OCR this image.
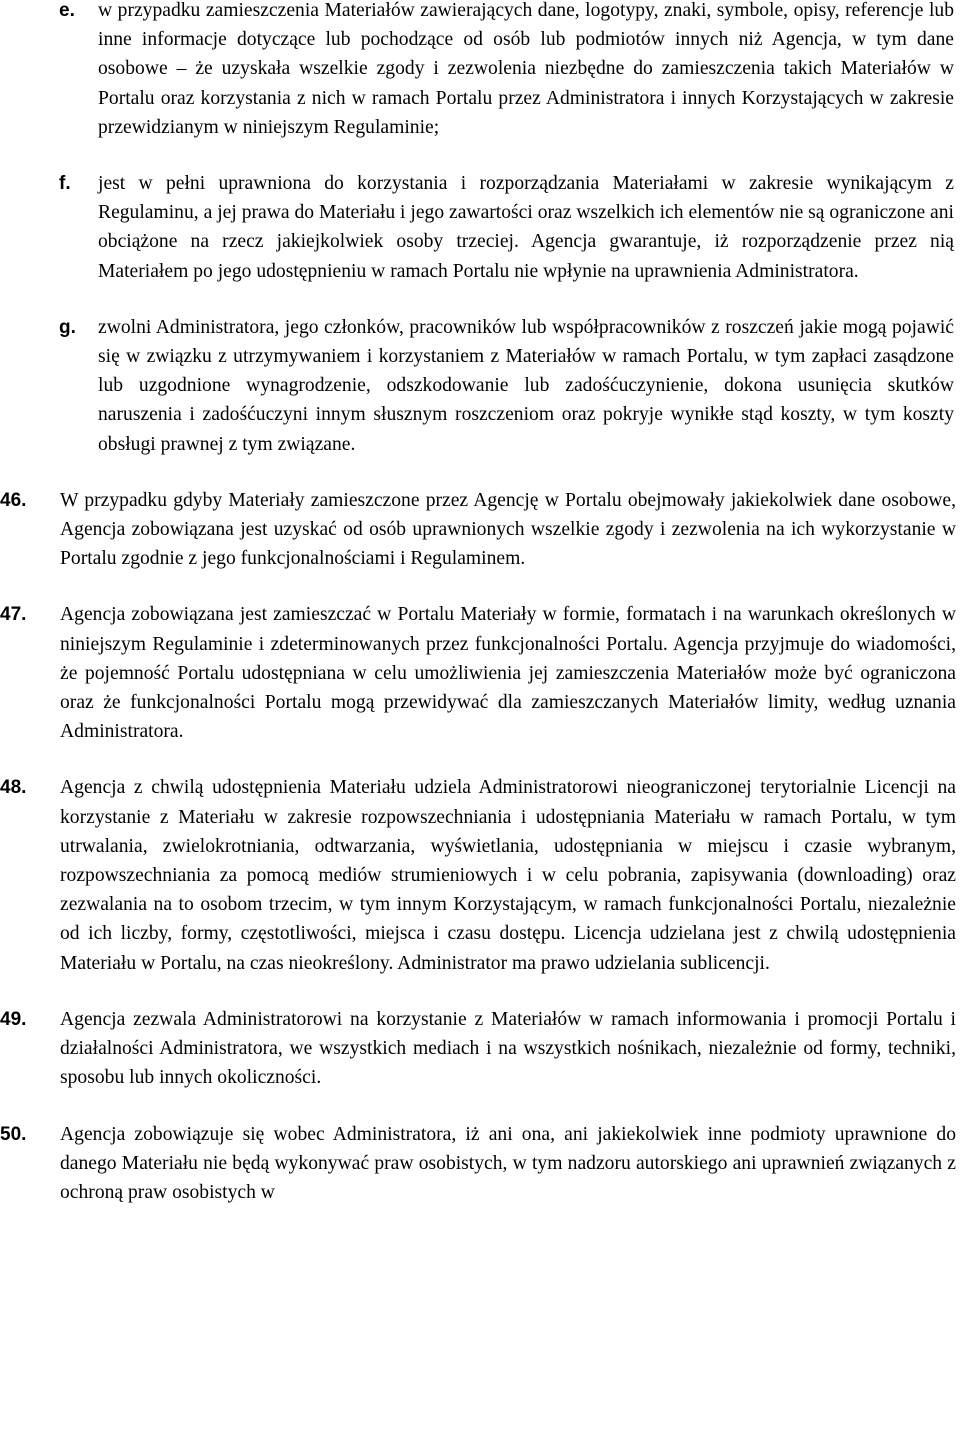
e. w przypadku zamieszczenia Materiałów zawierających dane, logotypy, znaki, symbole, opisy, referencje lub inne informacje dotyczące lub pochodzące od osób lub podmiotów innych niż Agencja, w tym dane osobowe – że uzyskała wszelkie zgody i zezwolenia niezbędne do zamieszczenia takich Materiałów w Portalu oraz korzystania z nich w ramach Portalu przez Administratora i innych Korzystających w zakresie przewidzianym w niniejszym Regulaminie;
f. jest w pełni uprawniona do korzystania i rozporządzania Materiałami w zakresie wynikającym z Regulaminu, a jej prawa do Materiału i jego zawartości oraz wszelkich ich elementów nie są ograniczone ani obciążone na rzecz jakiejkolwiek osoby trzeciej. Agencja gwarantuje, iż rozporządzenie przez nią Materiałem po jego udostępnieniu w ramach Portalu nie wpłynie na uprawnienia Administratora.
g. zwolni Administratora, jego członków, pracowników lub współpracowników z roszczeń jakie mogą pojawić się w związku z utrzymywaniem i korzystaniem z Materiałów w ramach Portalu, w tym zapłaci zasądzone lub uzgodnione wynagrodzenie, odszkodowanie lub zadośćuczynienie, dokona usunięcia skutków naruszenia i zadośćuczyni innym słusznym roszczeniom oraz pokryje wynikłe stąd koszty, w tym koszty obsługi prawnej z tym związane.
46. W przypadku gdyby Materiały zamieszczone przez Agencję w Portalu obejmowały jakiekolwiek dane osobowe, Agencja zobowiązana jest uzyskać od osób uprawnionych wszelkie zgody i zezwolenia na ich wykorzystanie w Portalu zgodnie z jego funkcjonalnościami i Regulaminem.
47. Agencja zobowiązana jest zamieszczać w Portalu Materiały w formie, formatach i na warunkach określonych w niniejszym Regulaminie i zdeterminowanych przez funkcjonalności Portalu. Agencja przyjmuje do wiadomości, że pojemność Portalu udostępniana w celu umożliwienia jej zamieszczenia Materiałów może być ograniczona oraz że funkcjonalności Portalu mogą przewidywać dla zamieszczanych Materiałów limity, według uznania Administratora.
48. Agencja z chwilą udostępnienia Materiału udziela Administratorowi nieograniczonej terytorialnie Licencji na korzystanie z Materiału w zakresie rozpowszechniania i udostępniania Materiału w ramach Portalu, w tym utrwalania, zwielokrotniania, odtwarzania, wyświetlania, udostępniania w miejscu i czasie wybranym, rozpowszechniania za pomocą mediów strumieniowych i w celu pobrania, zapisywania (downloading) oraz zezwalania na to osobom trzecim, w tym innym Korzystającym, w ramach funkcjonalności Portalu, niezależnie od ich liczby, formy, częstotliwości, miejsca i czasu dostępu. Licencja udzielana jest z chwilą udostępnienia Materiału w Portalu, na czas nieokreślony. Administrator ma prawo udzielania sublicencji.
49. Agencja zezwala Administratorowi na korzystanie z Materiałów w ramach informowania i promocji Portalu i działalności Administratora, we wszystkich mediach i na wszystkich nośnikach, niezależnie od formy, techniki, sposobu lub innych okoliczności.
50. Agencja zobowiązuje się wobec Administratora, iż ani ona, ani jakiekolwiek inne podmioty uprawnione do danego Materiału nie będą wykonywać praw osobistych, w tym nadzoru autorskiego ani uprawnień związanych z ochroną praw osobistych w
